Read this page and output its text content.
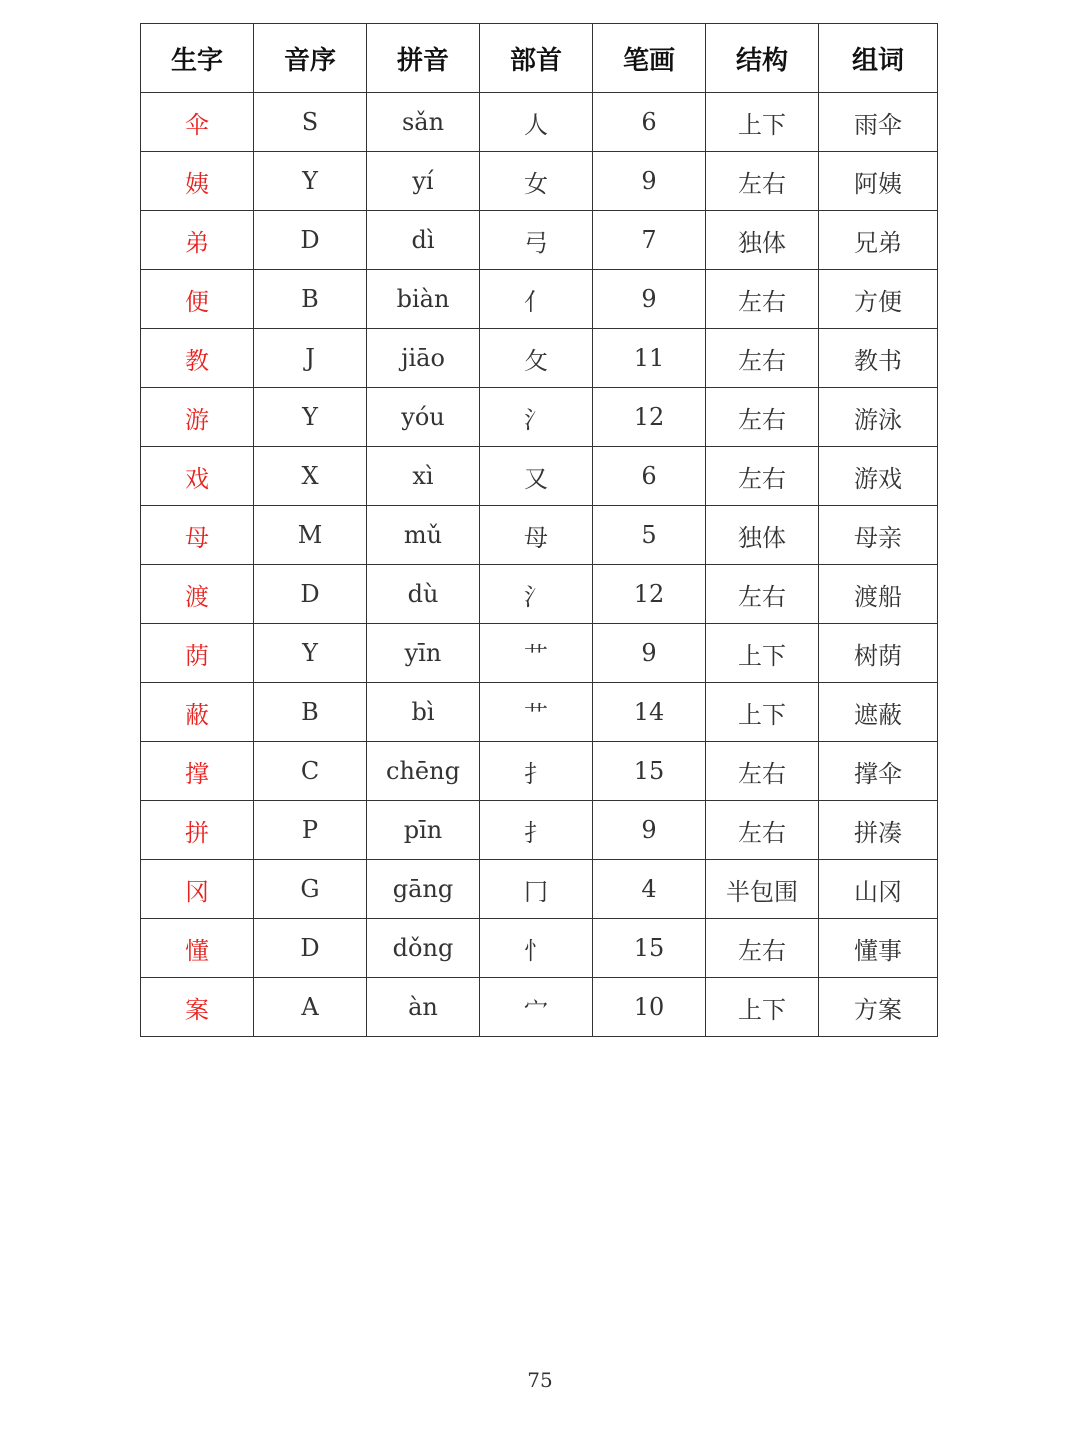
生字	音序	拼音	部首	笔画	结构	组词
伞	S	sǎn	人	6	上下	雨伞
姨	Y	yí	女	9	左右	阿姨
弟	D	dì	弓	7	独体	兄弟
便	B	biàn	亻	9	左右	方便
教	J	jiāo	攵	11	左右	教书
游	Y	yóu	氵	12	左右	游泳
戏	X	xì	又	6	左右	游戏
母	M	mǔ	母	5	独体	母亲
渡	D	dù	氵	12	左右	渡船
荫	Y	yīn	艹	9	上下	树荫
蔽	B	bì	艹	14	上下	遮蔽
撑	C	chēng	扌	15	左右	撑伞
拼	P	pīn	扌	9	左右	拼凑
冈	G	gāng	冂	4	半包围	山冈
懂	D	dǒng	忄	15	左右	懂事
案	A	àn	宀	10	上下	方案
75
